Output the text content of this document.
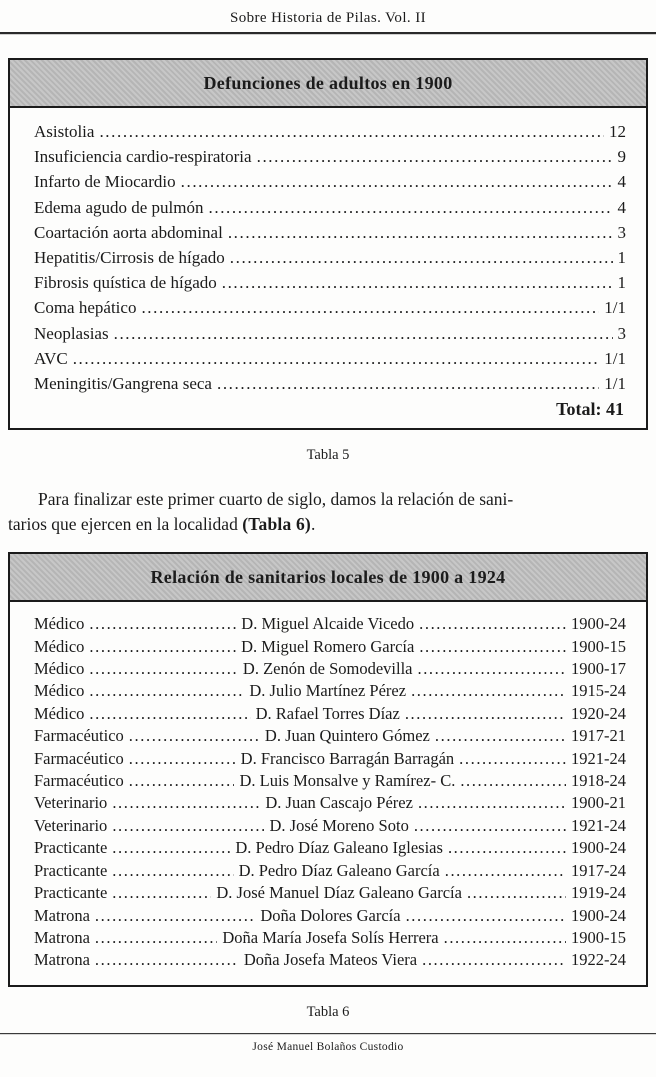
Sobre Historia de Pilas. Vol. II
Defunciones de adultos en 1900
Asistolia .....	12
Insuficiencia cardio-respiratoria .....	9
Infarto de Miocardio .....	4
Edema agudo de pulmón .....	4
Coartación aorta abdominal .....	3
Hepatitis/Cirrosis de hígado .....	1
Fibrosis quística de hígado .....	1
Coma hepático .....	1/1
Neoplasias .....	3
AVC .....	1/1
Meningitis/Gangrena seca .....	1/1
Total: 41
Tabla 5

Para finalizar este primer cuarto de siglo, damos la relación de sani-
tarios que ejercen en la localidad (Tabla 6).

Relación de sanitarios locales de 1900 a 1924
Médico .....	D. Miguel Alcaide Vicedo .....	1900-24
Médico .....	D. Miguel Romero García .....	1900-15
Médico .....	D. Zenón de Somodevilla .....	1900-17
Médico .....	D. Julio Martínez Pérez .....	1915-24
Médico .....	D. Rafael Torres Díaz .....	1920-24
Farmacéutico .....	D. Juan Quintero Gómez .....	1917-21
Farmacéutico .....	D. Francisco Barragán Barragán .....	1921-24
Farmacéutico .....	D. Luis Monsalve y Ramírez- C. .....	1918-24
Veterinario .....	D. Juan Cascajo Pérez .....	1900-21
Veterinario .....	D. José Moreno Soto .....	1921-24
Practicante .....	D. Pedro Díaz Galeano Iglesias .....	1900-24
Practicante .....	D. Pedro Díaz Galeano García .....	1917-24
Practicante .....	D. José Manuel Díaz Galeano García .....	1919-24
Matrona .....	Doña Dolores García .....	1900-24
Matrona .....	Doña María Josefa Solís Herrera .....	1900-15
Matrona .....	Doña Josefa Mateos Viera .....	1922-24
Tabla 6
José Manuel Bolaños Custodio
